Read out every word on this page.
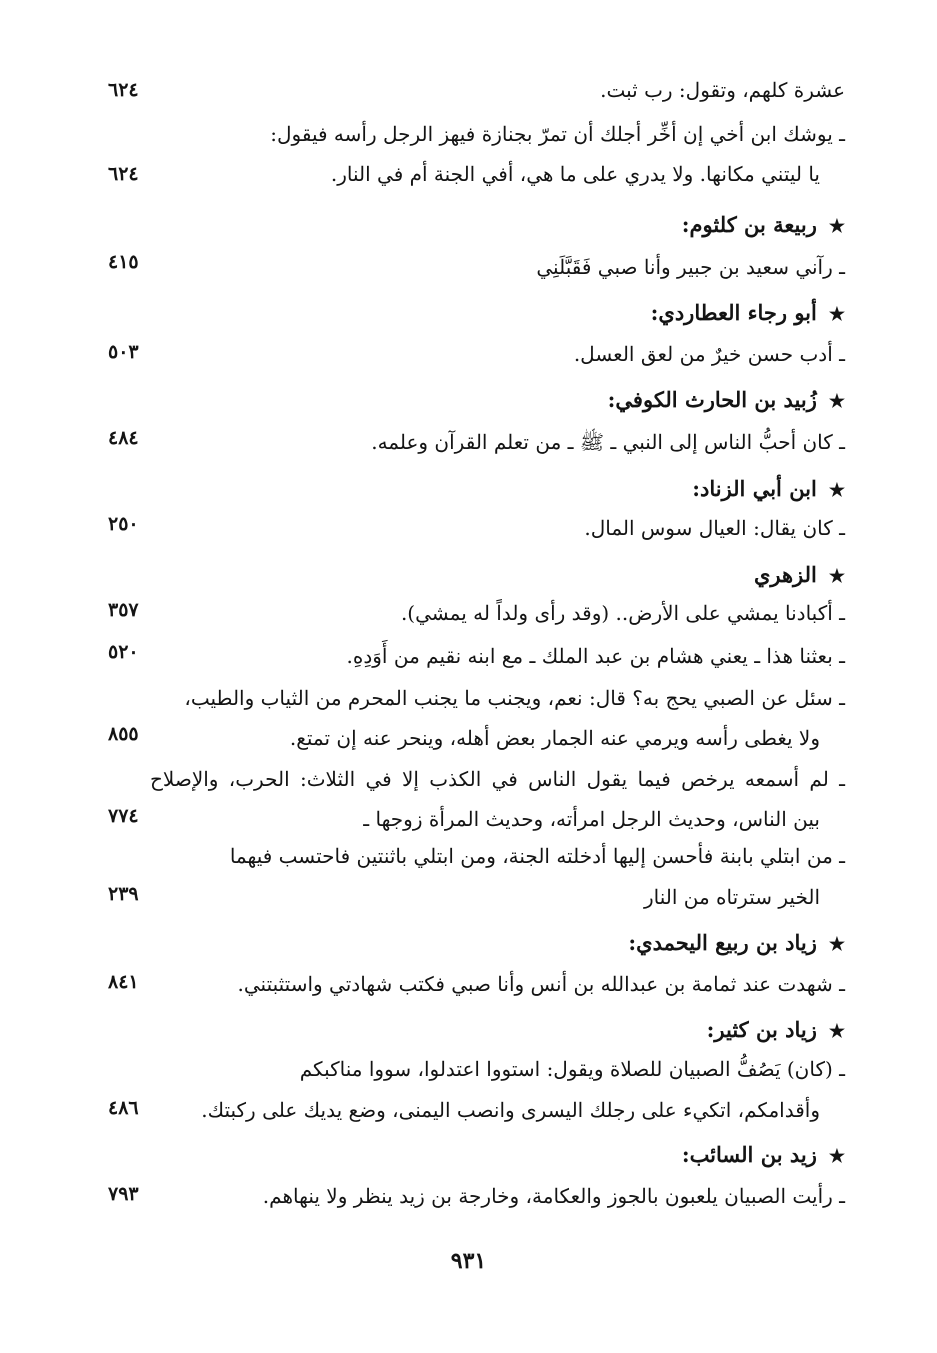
عشرة كلهم، وتقول: رب ثبت.
٦٢٤
ـ يوشك ابن أخي إن أخِّر أجلك أن تمرّ بجنازة فيهز الرجل رأسه فيقول:
يا ليتني مكانها. ولا يدري على ما هي، أفي الجنة أم في النار.
٦٢٤
★ربيعة بن كلثوم:
ـ رآني سعيد بن جبير وأنا صبي فَقَبَّلَنِي
٤١٥
★أبو رجاء العطاردي:
ـ أدب حسن خيرٌ من لعق العسل.
٥٠٣
★زُبيد بن الحارث الكوفي:
ـ كان أحبُّ الناس إلى النبي ـ ﷺ ـ من تعلم القرآن وعلمه.
٤٨٤
★ابن أبي الزناد:
ـ كان يقال: العيال سوس المال.
٢٥٠
★الزهري
ـ أكبادنا يمشي على الأرض.. (وقد رأى ولداً له يمشي).
٣٥٧
ـ بعثنا هذا ـ يعني هشام بن عبد الملك ـ مع ابنه نقيم من أَوَدِهِ.
٥٢٠
ـ سئل عن الصبي يحج به؟ قال: نعم، ويجنب ما يجنب المحرم من الثياب والطيب،
ولا يغطى رأسه ويرمي عنه الجمار بعض أهله، وينحر عنه إن تمتع.
٨٥٥
ـ لم أسمعه يرخص فيما يقول الناس في الكذب إلا في الثلاث: الحرب، والإصلاح
بين الناس، وحديث الرجل امرأته، وحديث المرأة زوجها ـ
٧٧٤
ـ من ابتلي بابنة فأحسن إليها أدخلته الجنة، ومن ابتلي باثنتين فاحتسب فيهما
الخير سترتاه من النار
٢٣٩
★زياد بن ربيع اليحمدي:
ـ شهدت عند ثمامة بن عبدالله بن أنس وأنا صبي فكتب شهادتي واستثبتني.
٨٤١
★زياد بن كثير:
ـ (كان) يَصُفُّ الصبيان للصلاة ويقول: استووا اعتدلوا، سووا مناكبكم
وأقدامكم، اتكيء على رجلك اليسرى وانصب اليمنى، وضع يديك على ركبتك.
٤٨٦
★زيد بن السائب:
ـ رأيت الصبيان يلعبون بالجوز والعكامة، وخارجة بن زيد ينظر ولا ينهاهم.
٧٩٣
٩٣١
